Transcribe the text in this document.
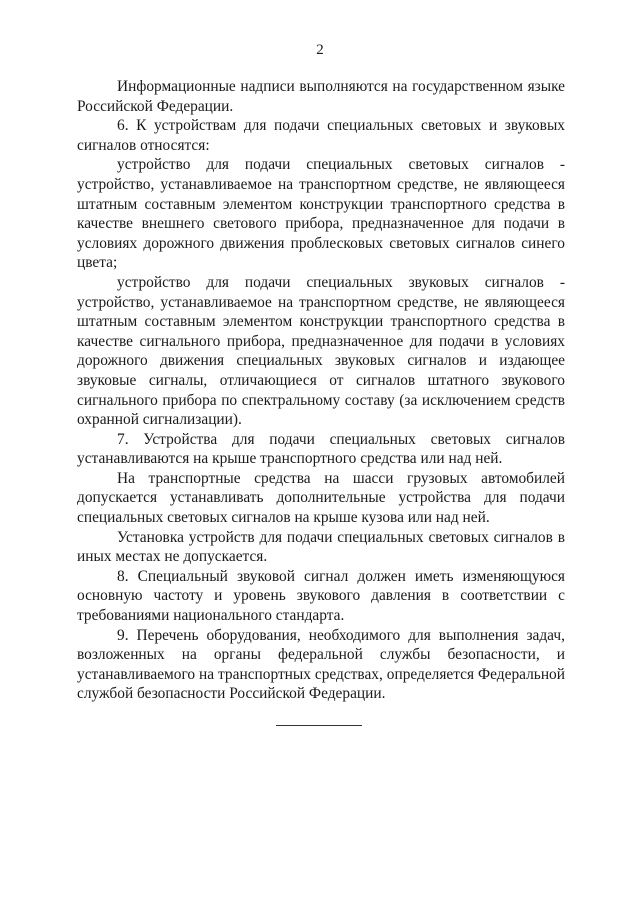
2

Информационные надписи выполняются на государственном языке Российской Федерации.

6. К устройствам для подачи специальных световых и звуковых сигналов относятся:

устройство для подачи специальных световых сигналов - устройство, устанавливаемое на транспортном средстве, не являющееся штатным составным элементом конструкции транспортного средства в качестве внешнего светового прибора, предназначенное для подачи в условиях дорожного движения проблесковых световых сигналов синего цвета;

устройство для подачи специальных звуковых сигналов - устройство, устанавливаемое на транспортном средстве, не являющееся штатным составным элементом конструкции транспортного средства в качестве сигнального прибора, предназначенное для подачи в условиях дорожного движения специальных звуковых сигналов и издающее звуковые сигналы, отличающиеся от сигналов штатного звукового сигнального прибора по спектральному составу (за исключением средств охранной сигнализации).

7. Устройства для подачи специальных световых сигналов устанавливаются на крыше транспортного средства или над ней.

На транспортные средства на шасси грузовых автомобилей допускается устанавливать дополнительные устройства для подачи специальных световых сигналов на крыше кузова или над ней.

Установка устройств для подачи специальных световых сигналов в иных местах не допускается.

8. Специальный звуковой сигнал должен иметь изменяющуюся основную частоту и уровень звукового давления в соответствии с требованиями национального стандарта.

9. Перечень оборудования, необходимого для выполнения задач, возложенных на органы федеральной службы безопасности, и устанавливаемого на транспортных средствах, определяется Федеральной службой безопасности Российской Федерации.
